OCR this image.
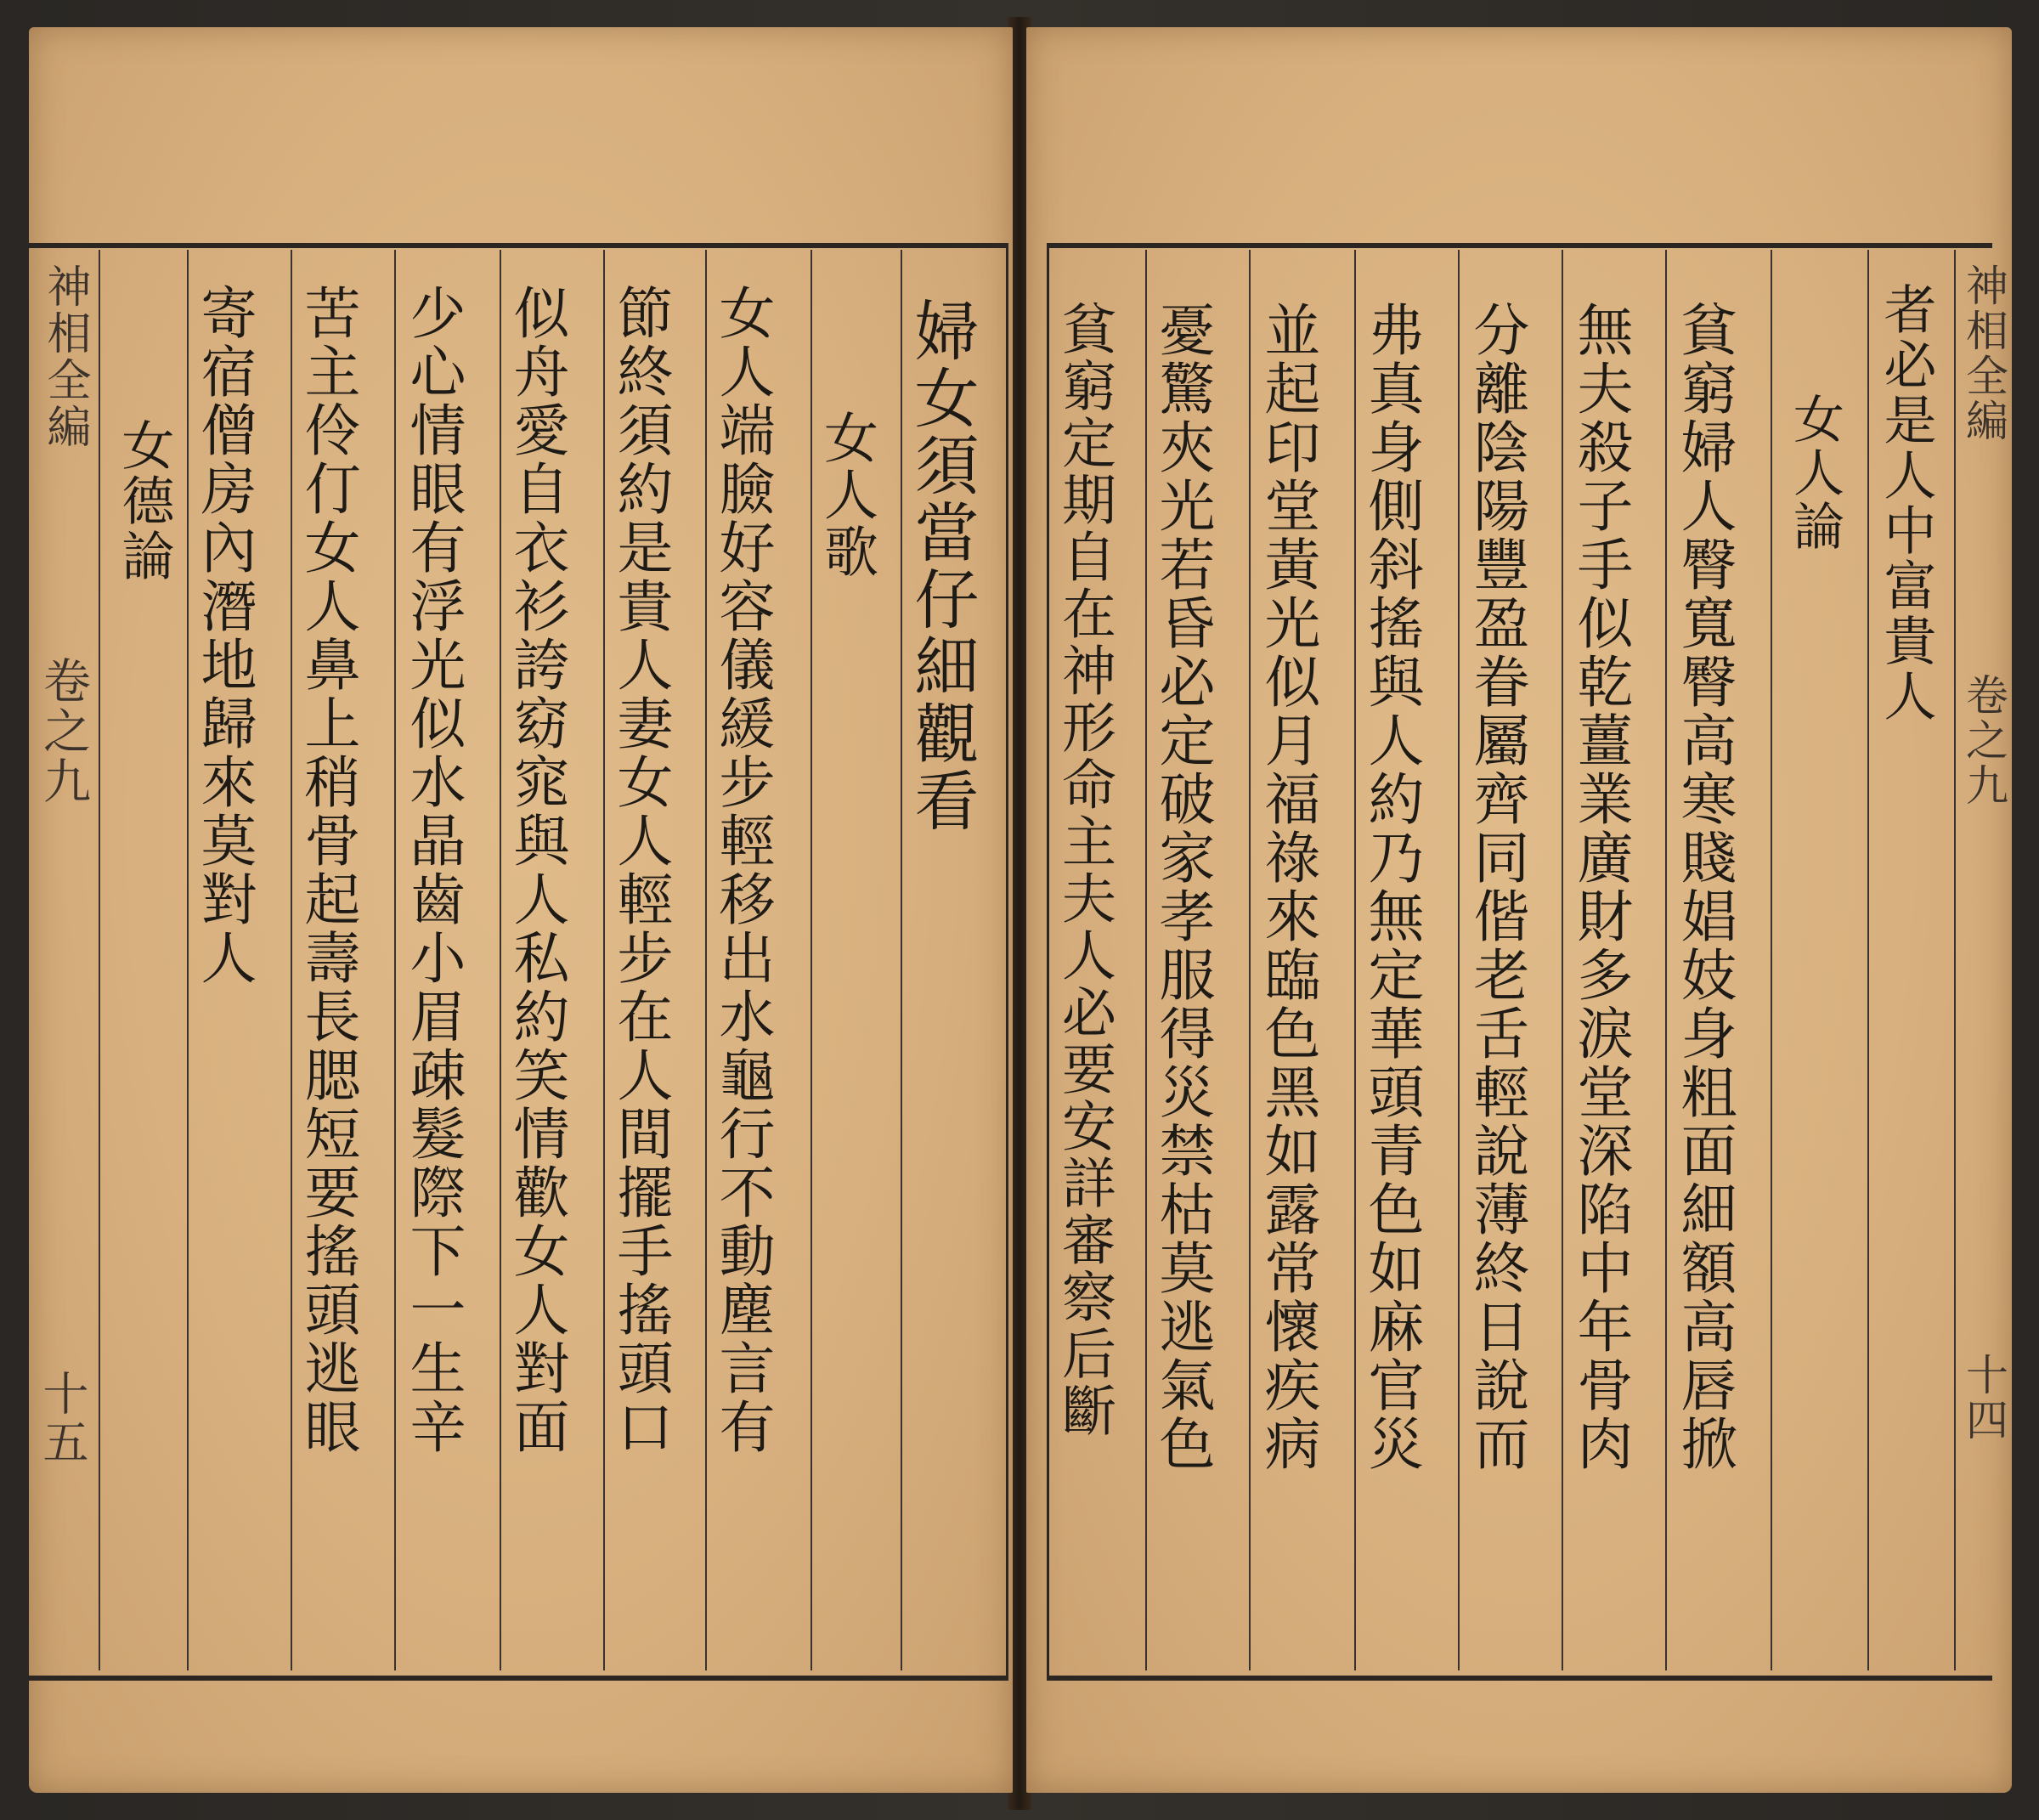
神相全編
卷之九
十五
女德論 寄宿僧房內潛地歸來莫對人 苦主伶仃女人鼻上稍骨起壽長腮短要搖頭逃眼 少心情眼有浮光似水晶齒小眉疎髮際下一生辛 似舟愛自衣衫誇窈窕與人私約笑情歡女人對面 節終須約是貴人妻女人輕步在人間擺手搖頭口 女人端臉好容儀緩步輕移出水龜行不動塵言有 女人歌 婦女須當仔細觀看 貧窮定期自在神形命主夫人必要安詳審察后斷 憂驚夾光若昏必定破家孝服得災禁枯莫逃氣色 並起印堂黃光似月福祿來臨色黑如露常懷疾病 弗真身側斜搖與人約乃無定華頭青色如麻官災 分離陰陽豐盈眷屬齊同偕老舌輕說薄終日說而 無夫殺子手似乾薑業廣財多淚堂深陷中年骨肉 貧窮婦人臀寬臀高寒賤娼妓身粗面細額高唇掀 女人論 者必是人中富貴人 神相全編
卷之九
十四
